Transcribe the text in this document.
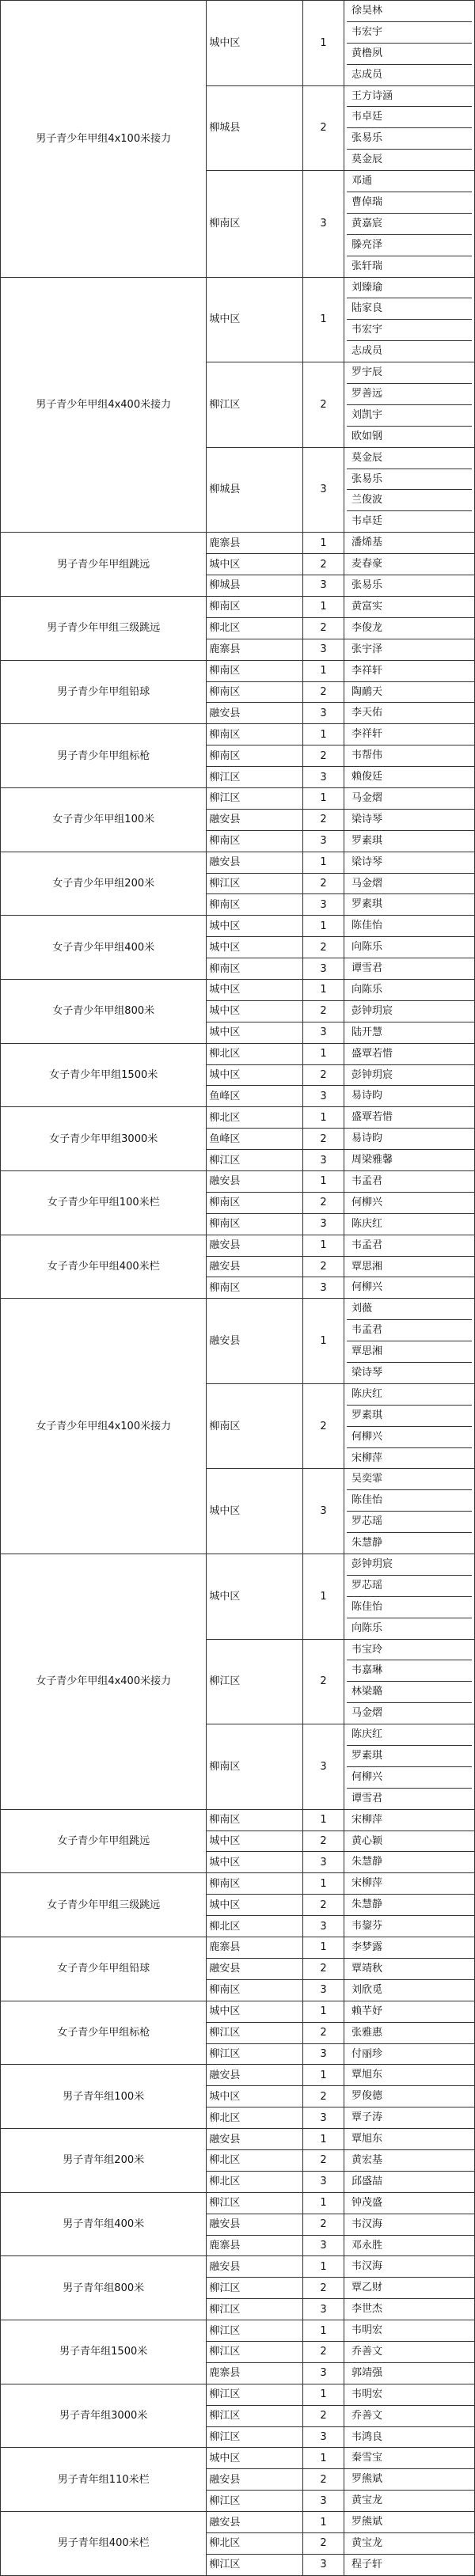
男子青少年甲组4x100米接力	城中区	1	徐昊林
韦宏宇
黄橹夙
志成员

	柳城县	2	王方诗涵
韦卓廷
张易乐
莫金辰

	柳南区	3	邓通
曹倬瑞
黄嘉宸
滕亮泽
张轩瑞

男子青少年甲组4x400米接力	城中区	1	刘臻瑜
陆家良
韦宏宇
志成员

	柳江区	2	罗宇辰
罗善远
刘凯宇
欧如钢

	柳城县	3	莫金辰
张易乐
兰俊波
韦卓廷

男子青少年甲组跳远	鹿寨县	1	潘烯基

	城中区	2	麦春豪

	柳城县	3	张易乐

男子青少年甲组三级跳远	柳南区	1	黄富实

	柳北区	2	李俊龙

	鹿寨县	3	张宇泽

男子青少年甲组铅球	柳南区	1	李祥轩

	柳南区	2	陶鸸天

	融安县	3	李天佑

男子青少年甲组标枪	柳南区	1	李祥轩

	柳南区	2	韦帮伟

	柳江区	3	赖俊廷

女子青少年甲组100米	柳江区	1	马金熠

	融安县	2	梁诗琴

	柳南区	3	罗素琪

女子青少年甲组200米	融安县	1	梁诗琴

	柳江区	2	马金熠

	柳南区	3	罗素琪

女子青少年甲组400米	城中区	1	陈佳怡

	城中区	2	向陈乐

	柳南区	3	谭雪君

女子青少年甲组800米	城中区	1	向陈乐

	城中区	2	彭钟玥宸

	城中区	3	陆开慧

女子青少年甲组1500米	柳北区	1	盛覃若惜

	城中区	2	彭钟玥宸

	鱼峰区	3	易诗昀

女子青少年甲组3000米	柳北区	1	盛覃若惜

	鱼峰区	2	易诗昀

	柳江区	3	周梁雅馨

女子青少年甲组100米栏	融安县	1	韦孟君

	柳南区	2	何柳兴

	柳南区	3	陈庆红

女子青少年甲组400米栏	融安县	1	韦孟君

	融安县	2	覃思湘

	柳南区	3	何柳兴

女子青少年甲组4x100米接力	融安县	1	刘薇
韦孟君
覃思湘
梁诗琴

	柳南区	2	陈庆红
罗素琪
何柳兴
宋柳萍

	城中区	3	吴奕霏
陈佳怡
罗芯瑶
朱慧静

女子青少年甲组4x400米接力	城中区	1	彭钟玥宸
罗芯瑶
陈佳怡
向陈乐

	柳江区	2	韦宝玲
韦嘉琳
林梁璐
马金熠

	柳南区	3	陈庆红
罗素琪
何柳兴
谭雪君

女子青少年甲组跳远	柳南区	1	宋柳萍

	城中区	2	黄心颖

	城中区	3	朱慧静

女子青少年甲组三级跳远	柳南区	1	宋柳萍

	城中区	2	朱慧静

	柳北区	3	韦鋆芬

女子青少年甲组铅球	鹿寨县	1	李梦露

	融安县	2	覃靖秋

	柳南区	3	刘欣觅

女子青少年甲组标枪	城中区	1	赖芊妤

	柳江区	2	张雅惠

	柳江区	3	付丽珍

男子青年组100米	融安县	1	覃旭东

	城中区	2	罗俊德

	柳北区	3	覃子涛

男子青年组200米	融安县	1	覃旭东

	柳北区	2	黄宏基

	柳北区	3	邱盛喆

男子青年组400米	柳江区	1	钟茂盛

	融安县	2	韦汉海

	鹿寨县	3	邓永胜

男子青年组800米	融安县	1	韦汉海

	柳江区	2	覃乙财

	柳江区	3	李世杰

男子青年组1500米	柳江区	1	韦明宏

	柳江区	2	乔善文

	鹿寨县	3	郭靖强

男子青年组3000米	柳江区	1	韦明宏

	柳江区	2	乔善文

	柳江区	3	韦鸿良

男子青年组110米栏	城中区	1	秦雪宝

	融安县	2	罗熊斌

	柳江区	3	黄宝龙

男子青年组400米栏	融安县	1	罗熊斌

	柳北区	2	黄宝龙

	柳江区	3	程子轩
